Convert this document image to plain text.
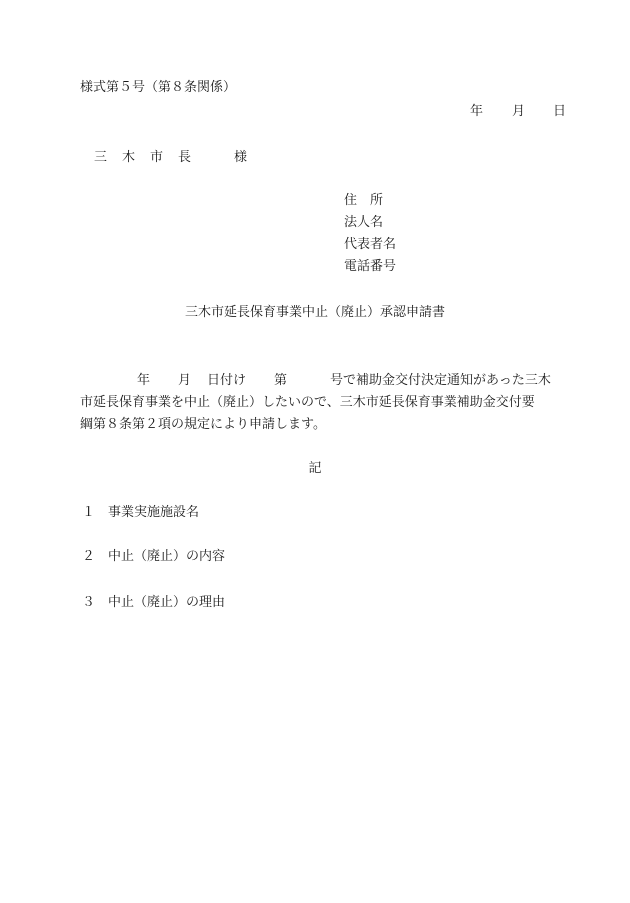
様式第５号（第８条関係）
年 月 日
三 木 市 長	様
住　所
法人名
代表者名
電話番号
三木市延長保育事業中止（廃止）承認申請書
年 月 日付け 第	号で補助金交付決定通知があった三木
市延長保育事業を中止（廃止）したいので、三木市延長保育事業補助金交付要
綱第８条第２項の規定により申請します。
記
１ 事業実施施設名
２ 中止（廃止）の内容
３ 中止（廃止）の理由
